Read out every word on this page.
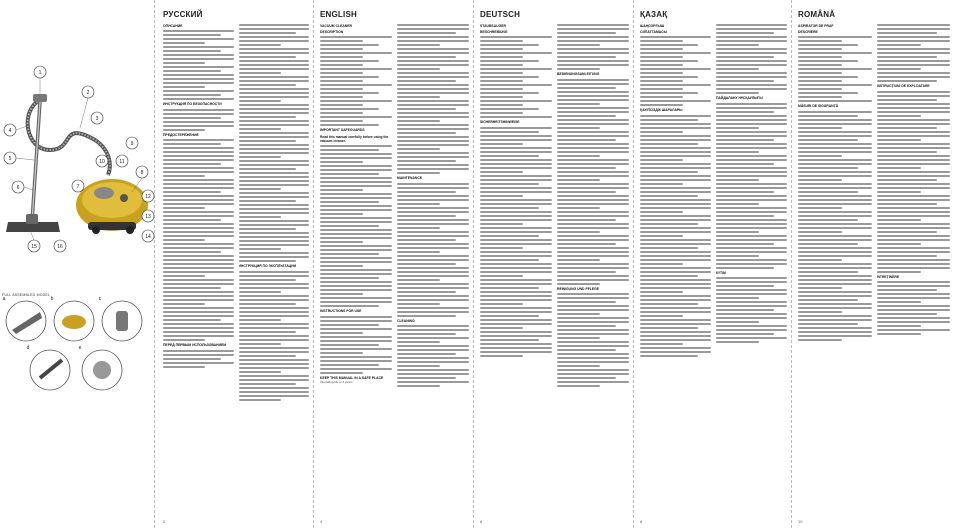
1
2
3
4
5
6	7
8
9
10	11
12
13
14
15	16
a	b	c
d	e
FULL ASSEMBLED MODEL
РУССКИЙ
ОПИСАНИЕ
ИНСТРУКЦИЯ ПО БЕЗОПАСНОСТИ
ПРЕДОСТЕРЕЖЕНИЕ
ПЕРЕД ПЕРВЫМ ИСПОЛЬЗОВАНИЕМ
ИНСТРУКЦИЯ ПО ЭКСПЛУАТАЦИИ
2
ENGLISH
VACUUM CLEANER
DESCRIPTION
IMPORTANT SAFEGUARDS

Read this manual carefully before using the vacuum cleaner.

INSTRUCTIONS FOR USE
KEEP THIS MANUAL IN A SAFE PLACE

Operating life is 3 years

MAINTENANCE
CLEANING
4
DEUTSCH
STAUBSAUGER
BESCHREIBUNG
SICHERHEITSHINWEISE
BEDIENUNGSANLEITUNG
REINIGUNG UND PFLEGE
6
ҚАЗАҚ
ШАҢСОРҒЫШ
СИПАТТАМАСЫ
ҚАУІПСІЗДІК ШАРАЛАРЫ
ПАЙДАЛАНУ НҰСҚАУЛЫҒЫ
КҮТІМ
8
ROMÂNĂ
ASPIRATOR DE PRAF
DESCRIERE
MĂSURI DE SIGURANŢĂ
INSTRUCŢIUNI DE EXPLOATARE
ÎNTREŢINERE
10
